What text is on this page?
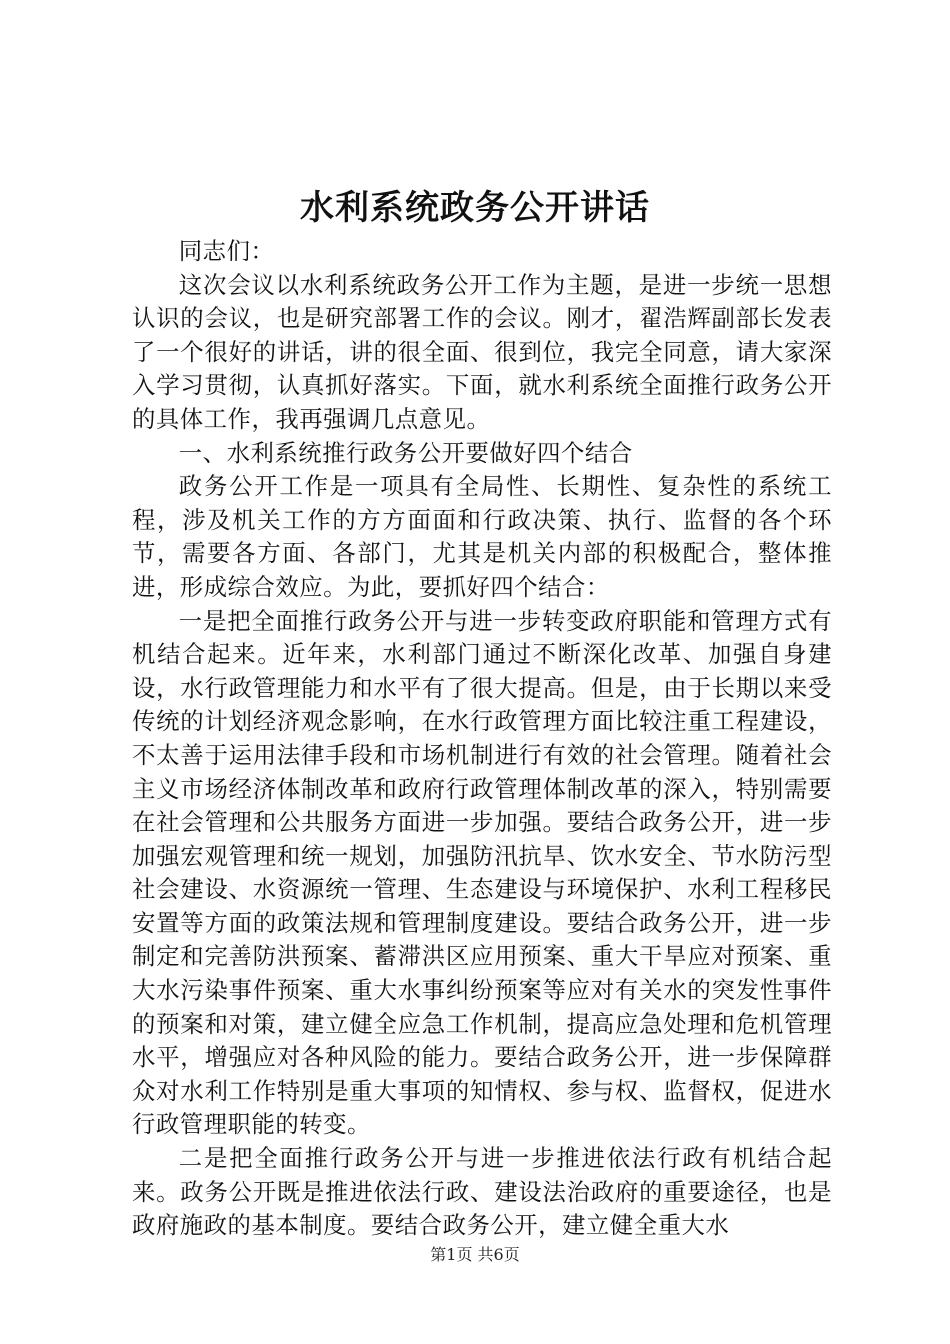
水利系统政务公开讲话

同志们：

这次会议以水利系统政务公开工作为主题，是进一步统一思想认识的会议，也是研究部署工作的会议。刚才，翟浩辉副部长发表了一个很好的讲话，讲的很全面、很到位，我完全同意，请大家深入学习贯彻，认真抓好落实。下面，就水利系统全面推行政务公开的具体工作，我再强调几点意见。

一、水利系统推行政务公开要做好四个结合

政务公开工作是一项具有全局性、长期性、复杂性的系统工程，涉及机关工作的方方面面和行政决策、执行、监督的各个环节，需要各方面、各部门，尤其是机关内部的积极配合，整体推进，形成综合效应。为此，要抓好四个结合：

一是把全面推行政务公开与进一步转变政府职能和管理方式有机结合起来。近年来，水利部门通过不断深化改革、加强自身建设，水行政管理能力和水平有了很大提高。但是，由于长期以来受传统的计划经济观念影响，在水行政管理方面比较注重工程建设，不太善于运用法律手段和市场机制进行有效的社会管理。随着社会主义市场经济体制改革和政府行政管理体制改革的深入，特别需要在社会管理和公共服务方面进一步加强。要结合政务公开，进一步加强宏观管理和统一规划，加强防汛抗旱、饮水安全、节水防污型社会建设、水资源统一管理、生态建设与环境保护、水利工程移民安置等方面的政策法规和管理制度建设。要结合政务公开，进一步制定和完善防洪预案、蓄滞洪区应用预案、重大干旱应对预案、重大水污染事件预案、重大水事纠纷预案等应对有关水的突发性事件的预案和对策，建立健全应急工作机制，提高应急处理和危机管理水平，增强应对各种风险的能力。要结合政务公开，进一步保障群众对水利工作特别是重大事项的知情权、参与权、监督权，促进水行政管理职能的转变。

二是把全面推行政务公开与进一步推进依法行政有机结合起来。政务公开既是推进依法行政、建设法治政府的重要途径，也是政府施政的基本制度。要结合政务公开，建立健全重大水

第1页 共6页
